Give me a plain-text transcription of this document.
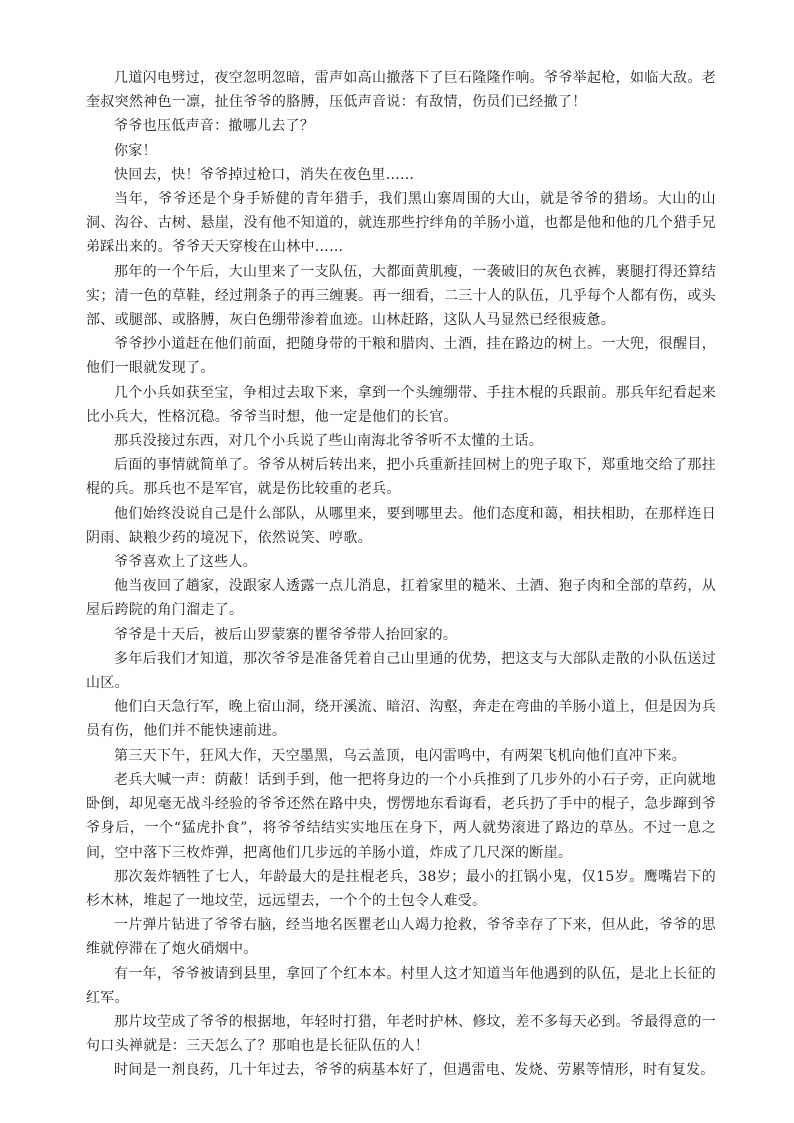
几道闪电劈过，夜空忽明忽暗，雷声如高山撤落下了巨石隆隆作响。爷爷举起枪，如临大敌。老奎叔突然神色一凛，扯住爷爷的胳膊，压低声音说：有敌情，伤员们已经撤了！

爷爷也压低声音：撤哪儿去了？

你家！

快回去，快！爷爷掉过枪口，消失在夜色里……

当年，爷爷还是个身手矫健的青年猎手，我们黑山寨周围的大山，就是爷爷的猎场。大山的山洞、沟谷、古树、悬崖，没有他不知道的，就连那些拧绊角的羊肠小道，也都是他和他的几个猎手兄弟踩出来的。爷爷天天穿梭在山林中……

那年的一个午后，大山里来了一支队伍，大都面黄肌瘦，一袭破旧的灰色衣裤，裹腿打得还算结实；清一色的草鞋，经过荆条子的再三缠裹。再一细看，二三十人的队伍，几乎每个人都有伤，或头部、或腿部、或胳膊，灰白色绷带渗着血迹。山林赶路，这队人马显然已经很疲惫。

爷爷抄小道赶在他们前面，把随身带的干粮和腊肉、土酒，挂在路边的树上。一大兜，很醒目，他们一眼就发现了。

几个小兵如获至宝，争相过去取下来，拿到一个头缠绷带、手拄木棍的兵跟前。那兵年纪看起来比小兵大，性格沉稳。爷爷当时想，他一定是他们的长官。

那兵没接过东西，对几个小兵说了些山南海北爷爷听不太懂的土话。

后面的事情就简单了。爷爷从树后转出来，把小兵重新挂回树上的兜子取下，郑重地交给了那拄棍的兵。那兵也不是军官，就是伤比较重的老兵。

他们始终没说自己是什么部队，从哪里来，要到哪里去。他们态度和蔼，相扶相助，在那样连日阴雨、缺粮少药的境况下，依然说笑、哼歌。

爷爷喜欢上了这些人。

他当夜回了趟家，没跟家人透露一点儿消息，扛着家里的糙米、土酒、狍子肉和全部的草药，从屋后跨院的角门溜走了。

爷爷是十天后，被后山罗蒙寨的瞿爷爷带人抬回家的。

多年后我们才知道，那次爷爷是准备凭着自己山里通的优势，把这支与大部队走散的小队伍送过山区。

他们白天急行军，晚上宿山洞，绕开溪流、暗沼、沟壑，奔走在弯曲的羊肠小道上，但是因为兵员有伤，他们并不能快速前进。

第三天下午，狂风大作，天空墨黑，乌云盖顶，电闪雷鸣中，有两架飞机向他们直冲下来。

老兵大喊一声：荫蔽！话到手到，他一把将身边的一个小兵推到了几步外的小石子旁，正向就地卧倒，却见毫无战斗经验的爷爷还然在路中央，愣愣地东看诲看，老兵扔了手中的棍子，急步蹿到爷爷身后，一个“猛虎扑食”，将爷爷结结实实地压在身下，两人就势滚进了路边的草丛。不过一息之间，空中落下三枚炸弹，把离他们几步远的羊肠小道，炸成了几尺深的断崖。

那次轰炸牺牲了七人，年龄最大的是拄棍老兵，38岁；最小的扛锅小鬼，仅15岁。鹰嘴岩下的杉木林，堆起了一地坟茔，远远望去，一个个的土包令人难受。

一片弹片钻进了爷爷右脑，经当地名医瞿老山人竭力抢救，爷爷幸存了下来，但从此，爷爷的思维就停滞在了炮火硝烟中。

有一年，爷爷被请到县里，拿回了个红本本。村里人这才知道当年他遇到的队伍，是北上长征的红军。

那片坟茔成了爷爷的根据地，年轻时打猎，年老时护林、修坟，差不多每天必到。爷最得意的一句口头禅就是：三天怎么了？那咱也是长征队伍的人！

时间是一剂良药，几十年过去，爷爷的病基本好了，但遇雷电、发烧、劳累等情形，时有复发。
